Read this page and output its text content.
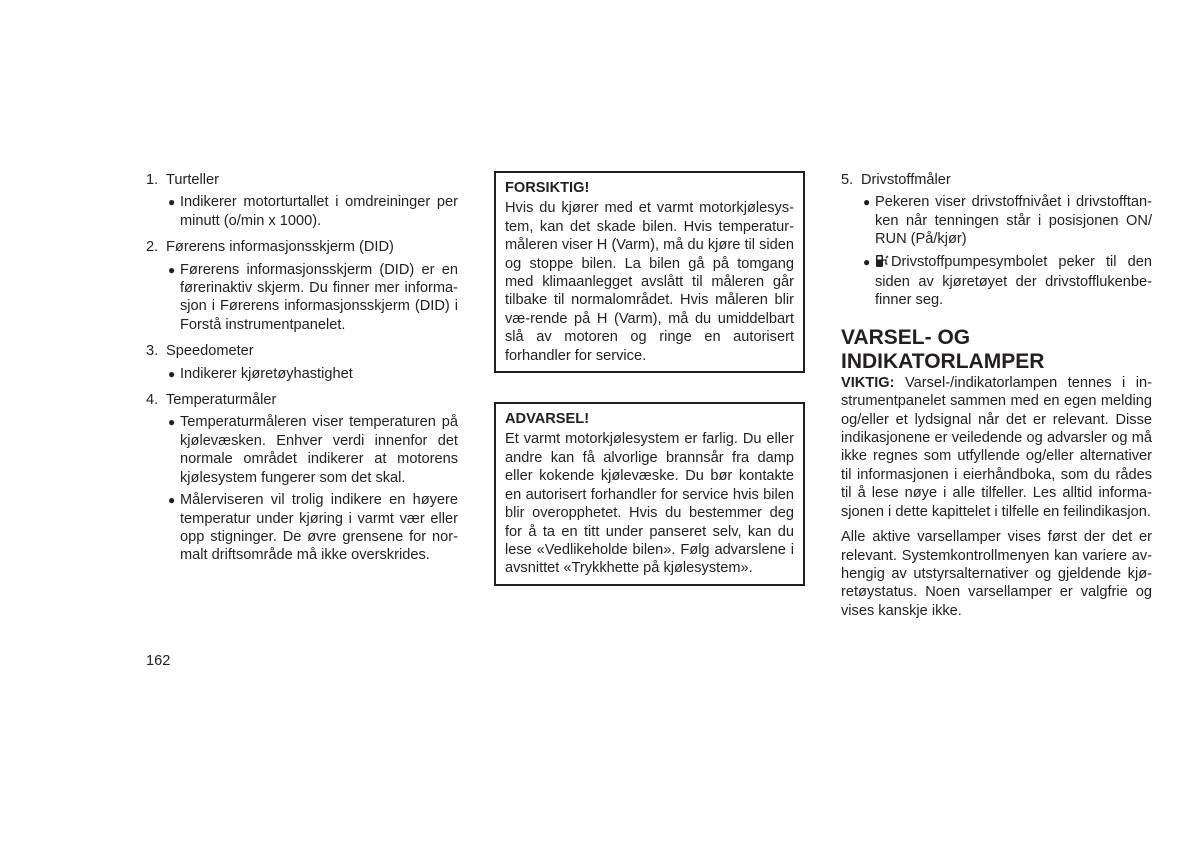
1. Turteller
● Indikerer motorturtallet i omdreininger per minutt (o/min x 1000).
2. Førerens informasjonsskjerm (DID)
● Førerens informasjonsskjerm (DID) er en førerinaktiv skjerm. Du finner mer informa-sjon i Førerens informasjonsskjerm (DID) i Forstå instrumentpanelet.
3. Speedometer
● Indikerer kjøretøyhastighet
4. Temperaturmåler
● Temperaturmåleren viser temperaturen på kjølevæsken. Enhver verdi innenfor det normale området indikerer at motorens kjølesystem fungerer som det skal.
● Målerviseren vil trolig indikere en høyere temperatur under kjøring i varmt vær eller opp stigninger. De øvre grensene for nor-malt driftsområde må ikke overskrides.
FORSIKTIG!
Hvis du kjører med et varmt motorkjølesys-tem, kan det skade bilen. Hvis temperatur-måleren viser H (Varm), må du kjøre til siden og stoppe bilen. La bilen gå på tomgang med klimaanlegget avslått til måleren går tilbake til normalområdet. Hvis måleren blir væ-rende på H (Varm), må du umiddelbart slå av motoren og ringe en autorisert forhandler for service.
ADVARSEL!
Et varmt motorkjølesystem er farlig. Du eller andre kan få alvorlige brannsår fra damp eller kokende kjølevæske. Du bør kontakte en autorisert forhandler for service hvis bilen blir overopphetet. Hvis du bestemmer deg for å ta en titt under panseret selv, kan du lese «Vedlikeholde bilen». Følg advarslene i avsnittet «Trykkhette på kjølesystem».
5. Drivstoffmåler
● Pekeren viser drivstoffnivået i drivstofftan-ken når tenningen står i posisjonen ON/ RUN (På/kjør)
●	Drivstoffpumpesymbolet peker til den siden av kjøretøyet der drivstofflukenbe-finner seg.
VARSEL- OG
INDIKATORLAMPER

VIKTIG: Varsel-/indikatorlampen tennes i in-strumentpanelet sammen med en egen melding og/eller et lydsignal når det er relevant. Disse indikasjonene er veiledende og advarsler og må ikke regnes som utfyllende og/eller alternativer til informasjonen i eierhåndboka, som du rådes til å lese nøye i alle tilfeller. Les alltid informa-sjonen i dette kapittelet i tilfelle en feilindikasjon.

Alle aktive varsellamper vises først der det er relevant. Systemkontrollmenyen kan variere av-hengig av utstyrsalternativer og gjeldende kjø-retøystatus. Noen varsellamper er valgfrie og vises kanskje ikke.

162
